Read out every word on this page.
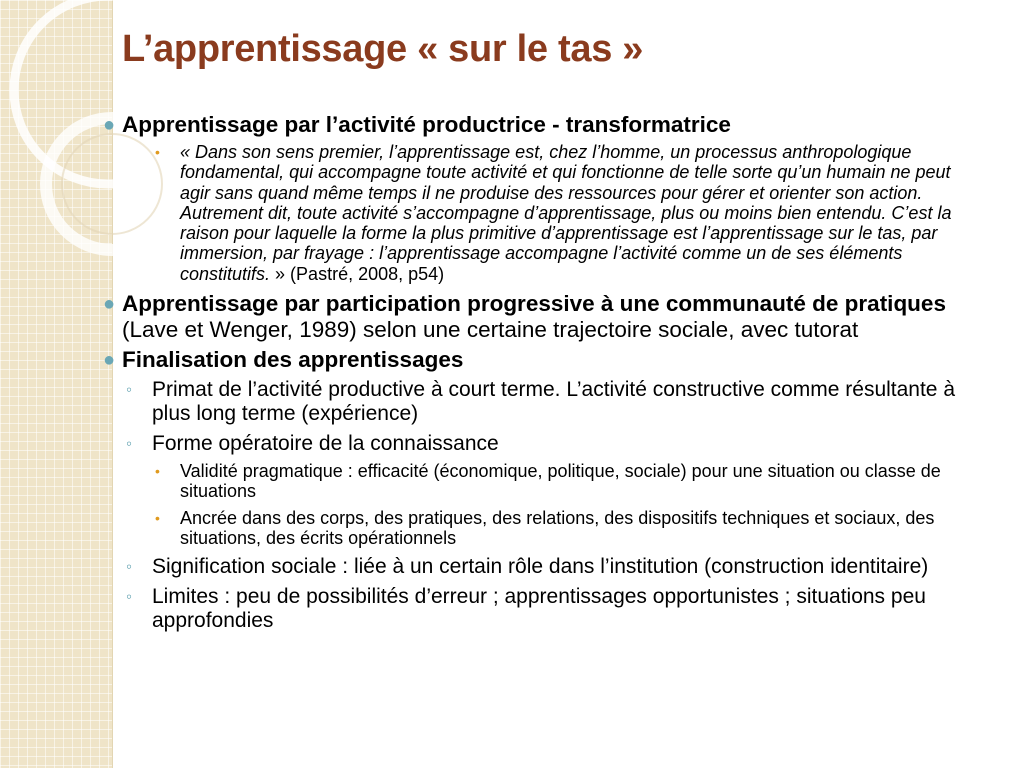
L’apprentissage « sur le tas »
● Apprentissage par l’activité productrice - transformatrice
• « Dans son sens premier, l’apprentissage est, chez l’homme, un processus anthropologique fondamental, qui accompagne toute activité et qui fonctionne de telle sorte qu’un humain ne peut agir sans quand même temps il ne produise des ressources pour gérer et orienter son action. Autrement dit, toute activité s’accompagne d’apprentissage, plus ou moins bien entendu. C’est la raison pour laquelle la forme la plus primitive d’apprentissage est l’apprentissage sur le tas, par immersion, par frayage : l’apprentissage accompagne l’activité comme un de ses éléments constitutifs. » (Pastré, 2008, p54)
● Apprentissage par participation progressive à une communauté de pratiques (Lave et Wenger, 1989) selon une certaine trajectoire sociale, avec tutorat
● Finalisation des apprentissages
◦ Primat de l’activité productive à court terme. L’activité constructive comme résultante à plus long terme (expérience)
◦ Forme opératoire de la connaissance
• Validité pragmatique : efficacité (économique, politique, sociale) pour une situation ou classe de situations
• Ancrée dans des corps, des pratiques, des relations, des dispositifs techniques et sociaux, des situations, des écrits opérationnels
◦ Signification sociale : liée à un certain rôle dans l’institution (construction identitaire)
◦ Limites : peu de possibilités d’erreur ; apprentissages opportunistes ; situations peu approfondies
